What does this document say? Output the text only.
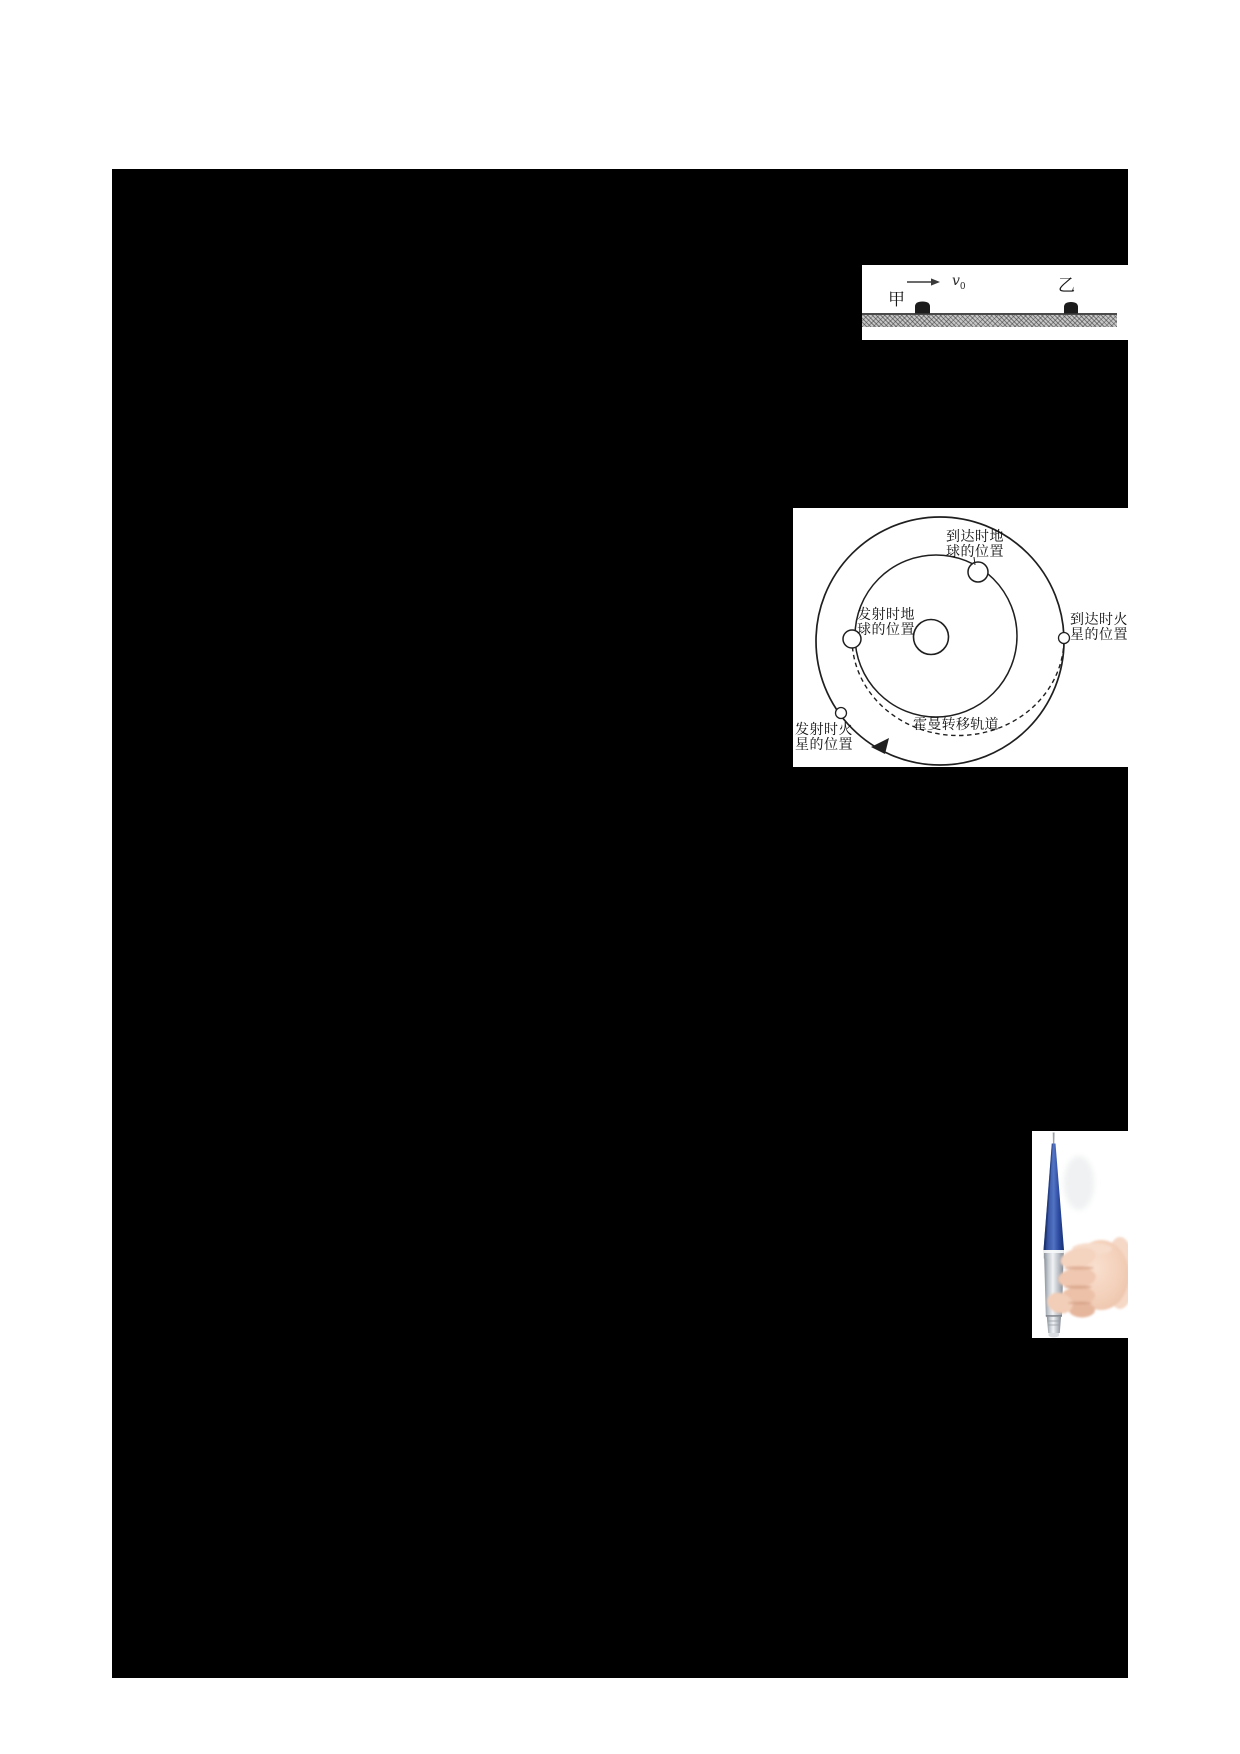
甲
乙
$v_0$
到达时地
球的位置
发射时地
球的位置
到达时火
星的位置
发射时火
星的位置
霍曼转移轨道
